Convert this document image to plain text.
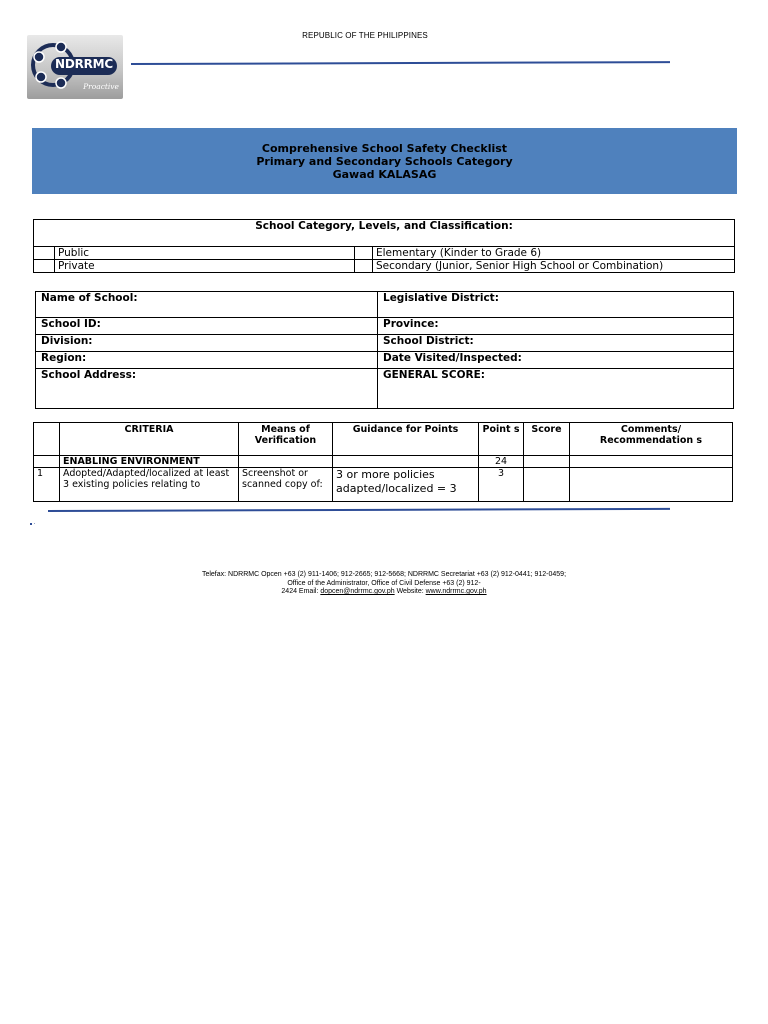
REPUBLIC OF THE PHILIPPINES
NDRRMC
Proactive
Comprehensive School Safety Checklist Primary and Secondary Schools Category Gawad KALASAG
School Category, Levels, and Classification:			
	Public		Elementary (Kinder to Grade 6)
	Private		Secondary (Junior, Senior High School or Combination)
Name of School:	Legislative District:
School ID:	Province:
Division:	School District:
Region:	Date Visited/Inspected:
School Address:	GENERAL SCORE:
	CRITERIA	Means of Verification	Guidance for Points	Point s	Score	Comments/ Recommendation s
	ENABLING ENVIRONMENT			24		
1	Adopted/Adapted/localized at least 3 existing policies relating to	Screenshot or scanned copy of:	3 or more policies adapted/localized = 3	3		
Telefax: NDRRMC Opcen +63 (2) 911-1406; 912-2665; 912-5668; NDRRMC Secretariat +63 (2) 912-0441; 912-0459;
Office of the Administrator, Office of Civil Defense +63 (2) 912-
2424 Email: dopcen@ndrrmc.gov.ph Website: www.ndrrmc.gov.ph
